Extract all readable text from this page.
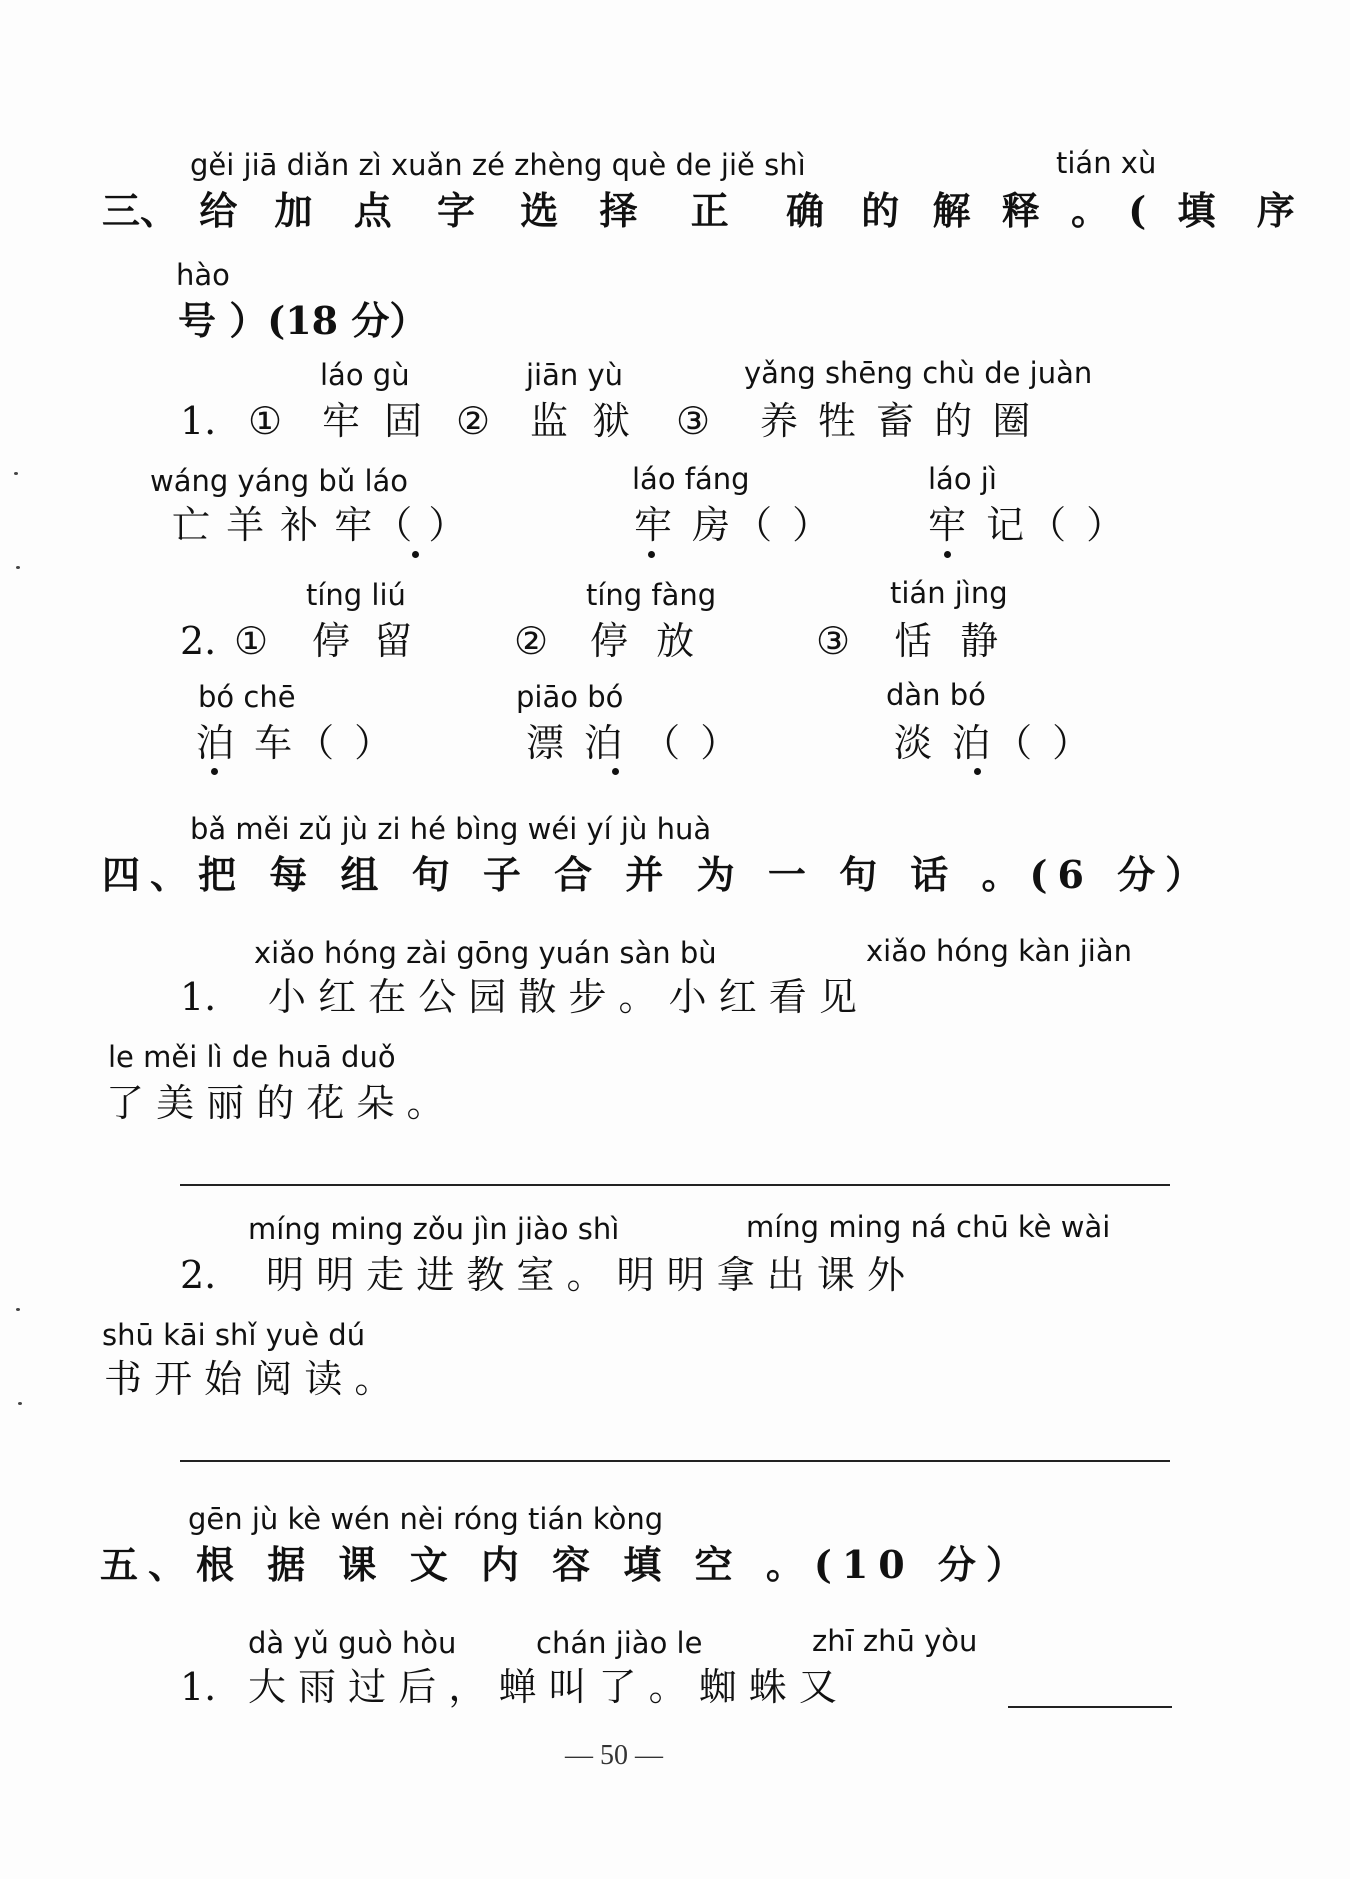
gěi jiā diǎn zì xuǎn zé zhèng què de jiě shì	tián xù
三、 给 加 点 字 选 择 正 确 的 解 释 。 ( 填 序
hào
号 ）(18 分）
láo gù	jiān yù	yǎng shēng chù de juàn
1. ① 牢 固 ② 监 狱 ③ 养 牲 畜 的 圈
wáng yáng bǔ láo	láo fáng	láo jì
亡 羊 补 牢（ ）	牢 房（ ） 牢 记（ ）
tíng liú	tíng fàng	tián jìng
2. ① 停 留	② 停 放	③ 恬 静
bó chē	piāo bó	dàn bó
泊 车（ ）	漂 泊 （ ）	淡 泊（ ）
bǎ měi zǔ jù zi hé bìng wéi yí jù huà
四、把 每 组 句 子 合 并 为 一 句 话 。(6 分）
xiǎo hóng zài gōng yuán sàn bù	xiǎo hóng kàn jiàn
1. 小 红 在 公 园 散 步 。 小 红 看 见
le měi lì de huā duǒ
了 美 丽 的 花 朵 。
míng ming zǒu jìn jiào shì	míng ming ná chū kè wài
2. 明 明 走 进 教 室 。 明 明 拿 出 课 外
shū kāi shǐ yuè dú
书 开 始 阅 读 。
gēn jù kè wén nèi róng tián kòng
五、根 据 课 文 内 容 填 空 。(10 分）
dà yǔ guò hòu	chán jiào le	zhī zhū yòu
1. 大 雨 过 后 ， 蝉 叫 了 。 蜘 蛛 又
— 50 —
